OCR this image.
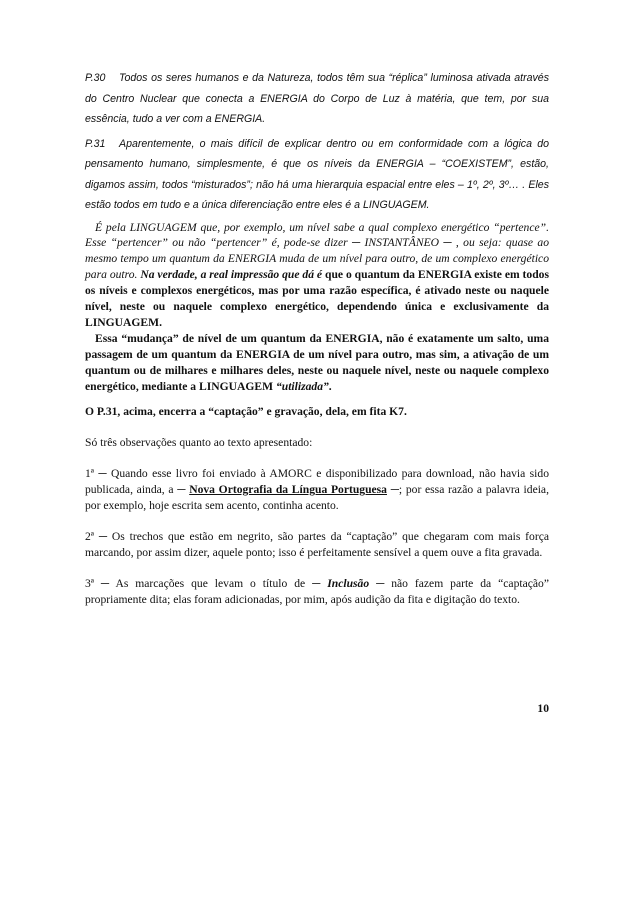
P.30 Todos os seres humanos e da Natureza, todos têm sua “réplica” luminosa ativada através do Centro Nuclear que conecta a ENERGIA do Corpo de Luz à matéria, que tem, por sua essência, tudo a ver com a ENERGIA.

P.31 Aparentemente, o mais difícil de explicar dentro ou em conformidade com a lógica do pensamento humano, simplesmente, é que os níveis da ENERGIA – “COEXISTEM”, estão, digamos assim, todos “misturados”; não há uma hierarquia espacial entre eles – 1º, 2º, 3º… . Eles estão todos em tudo e a única diferenciação entre eles é a LINGUAGEM.

É pela LINGUAGEM que, por exemplo, um nível sabe a qual complexo energético “pertence”. Esse “pertencer” ou não “pertencer” é, pode-se dizer ─ INSTANTÂNEO ─ , ou seja: quase ao mesmo tempo um quantum da ENERGIA muda de um nível para outro, de um complexo energético para outro. Na verdade, a real impressão que dá é que o quantum da ENERGIA existe em todos os níveis e complexos energéticos, mas por uma razão específica, é ativado neste ou naquele nível, neste ou naquele complexo energético, dependendo única e exclusivamente da LINGUAGEM.

Essa “mudança” de nível de um quantum da ENERGIA, não é exatamente um salto, uma passagem de um quantum da ENERGIA de um nível para outro, mas sim, a ativação de um quantum ou de milhares e milhares deles, neste ou naquele nível, neste ou naquele complexo energético, mediante a LINGUAGEM “utilizada”.

O P.31, acima, encerra a “captação” e gravação, dela, em fita K7.

Só três observações quanto ao texto apresentado:

1ª ─ Quando esse livro foi enviado à AMORC e disponibilizado para download, não havia sido publicada, ainda, a ─ Nova Ortografia da Língua Portuguesa ─; por essa razão a palavra ideia, por exemplo, hoje escrita sem acento, continha acento.

2ª ─ Os trechos que estão em negrito, são partes da “captação” que chegaram com mais força marcando, por assim dizer, aquele ponto; isso é perfeitamente sensível a quem ouve a fita gravada.

3ª ─ As marcações que levam o título de ─ Inclusão ─ não fazem parte da “captação” propriamente dita; elas foram adicionadas, por mim, após audição da fita e digitação do texto.

10
